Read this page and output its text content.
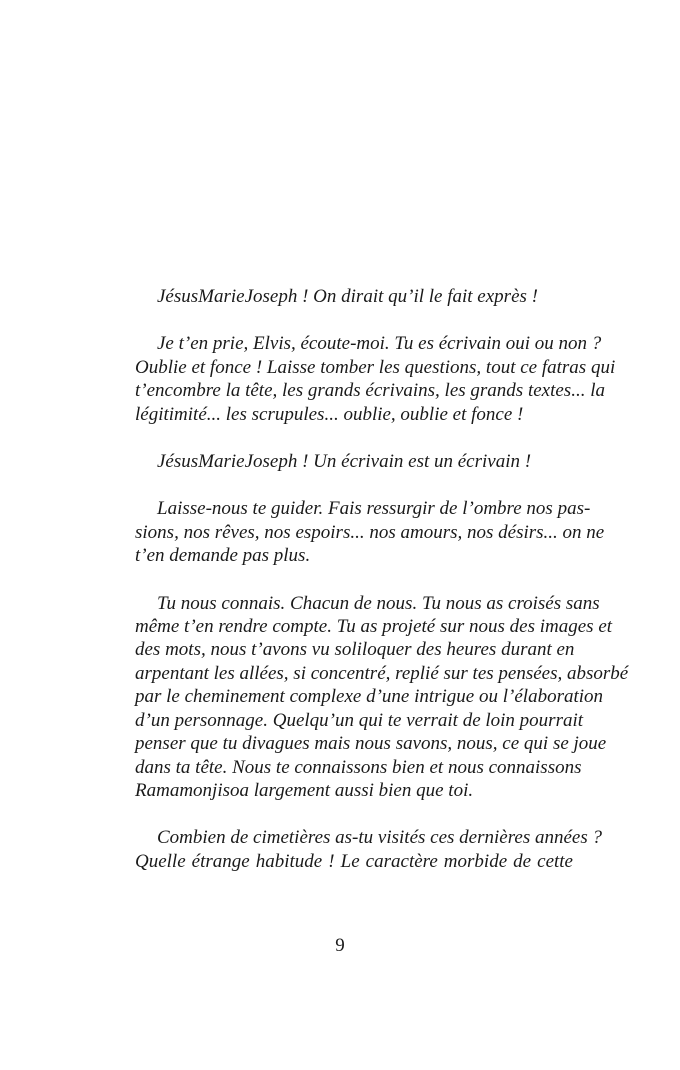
JésusMarieJoseph ! On dirait qu’il le fait exprès !

Je t’en prie, Elvis, écoute-moi. Tu es écrivain oui ou non ?
Oublie et fonce ! Laisse tomber les questions, tout ce fatras qui
t’encombre la tête, les grands écrivains, les grands textes... la
légitimité... les scrupules... oublie, oublie et fonce !

JésusMarieJoseph ! Un écrivain est un écrivain !

Laisse-nous te guider. Fais ressurgir de l’ombre nos pas-
sions, nos rêves, nos espoirs... nos amours, nos désirs... on ne
t’en demande pas plus.

Tu nous connais. Chacun de nous. Tu nous as croisés sans
même t’en rendre compte. Tu as projeté sur nous des images et
des mots, nous t’avons vu soliloquer des heures durant en
arpentant les allées, si concentré, replié sur tes pensées, absorbé
par le cheminement complexe d’une intrigue ou l’élaboration
d’un personnage. Quelqu’un qui te verrait de loin pourrait
penser que tu divagues mais nous savons, nous, ce qui se joue
dans ta tête. Nous te connaissons bien et nous connaissons
Ramamonjisoa largement aussi bien que toi.

Combien de cimetières as-tu visités ces dernières années ?
Quelle étrange habitude ! Le caractère morbide de cette

9
